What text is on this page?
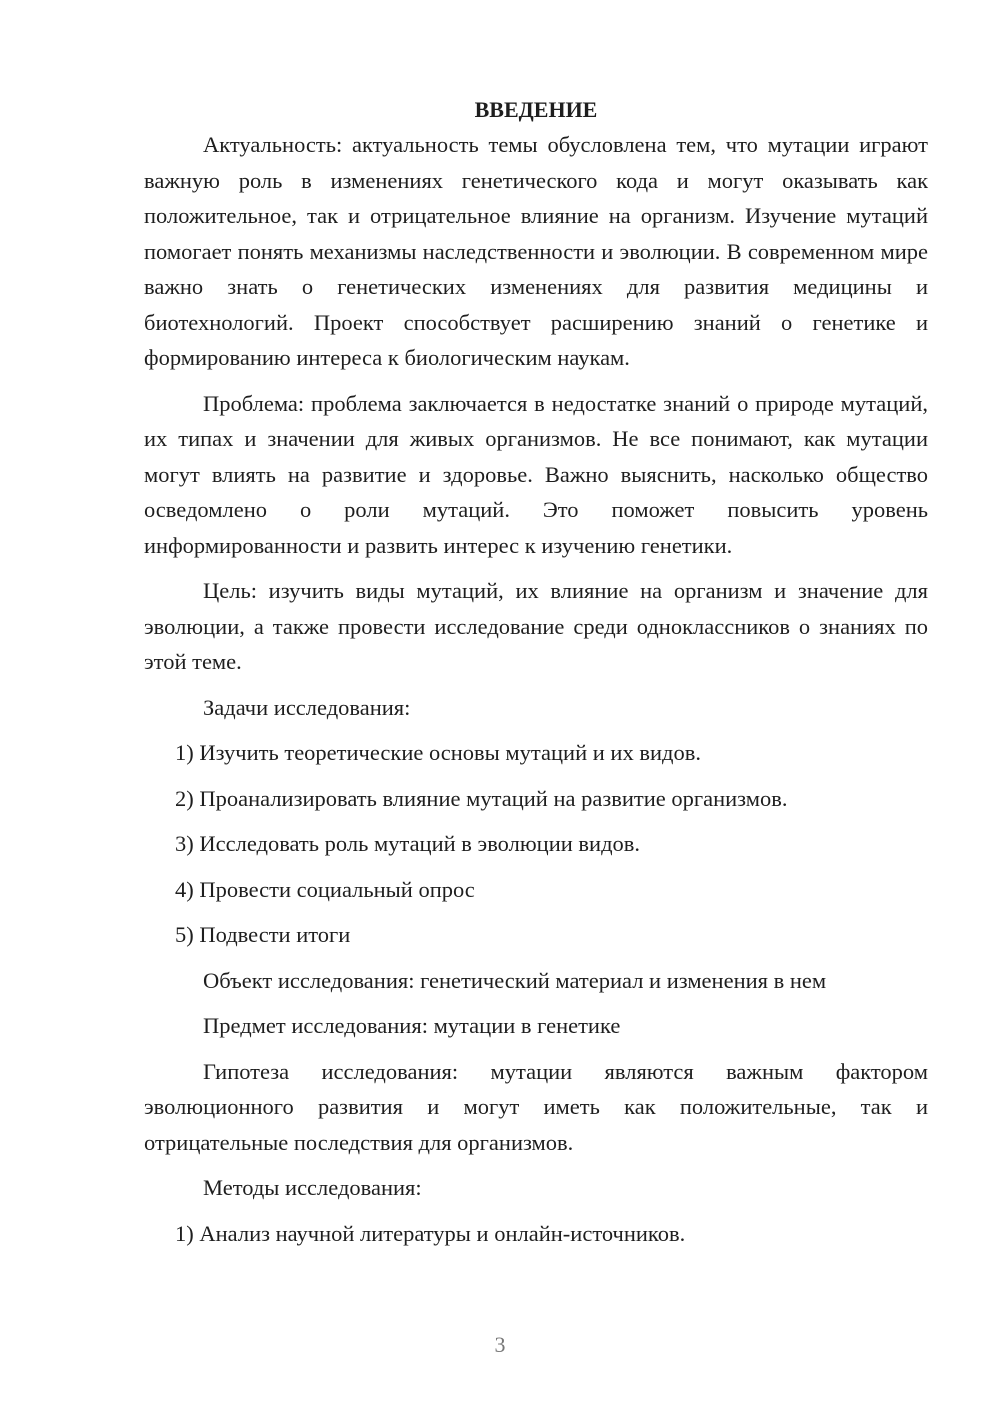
ВВЕДЕНИЕ

Актуальность: актуальность темы обусловлена тем, что мутации играют важную роль в изменениях генетического кода и могут оказывать как положительное, так и отрицательное влияние на организм. Изучение мутаций помогает понять механизмы наследственности и эволюции. В современном мире важно знать о генетических изменениях для развития медицины и биотехнологий. Проект способствует расширению знаний о генетике и формированию интереса к биологическим наукам.

Проблема: проблема заключается в недостатке знаний о природе мутаций, их типах и значении для живых организмов. Не все понимают, как мутации могут влиять на развитие и здоровье. Важно выяснить, насколько общество осведомлено о роли мутаций. Это поможет повысить уровень информированности и развить интерес к изучению генетики.

Цель: изучить виды мутаций, их влияние на организм и значение для эволюции, а также провести исследование среди одноклассников о знаниях по этой теме.

Задачи исследования:

1) Изучить теоретические основы мутаций и их видов.

2) Проанализировать влияние мутаций на развитие организмов.

3) Исследовать роль мутаций в эволюции видов.

4) Провести социальный опрос

5) Подвести итоги

Объект исследования: генетический материал и изменения в нем

Предмет исследования: мутации в генетике

Гипотеза исследования: мутации являются важным фактором эволюционного развития и могут иметь как положительные, так и отрицательные последствия для организмов.

Методы исследования:

1) Анализ научной литературы и онлайн-источников.

3
